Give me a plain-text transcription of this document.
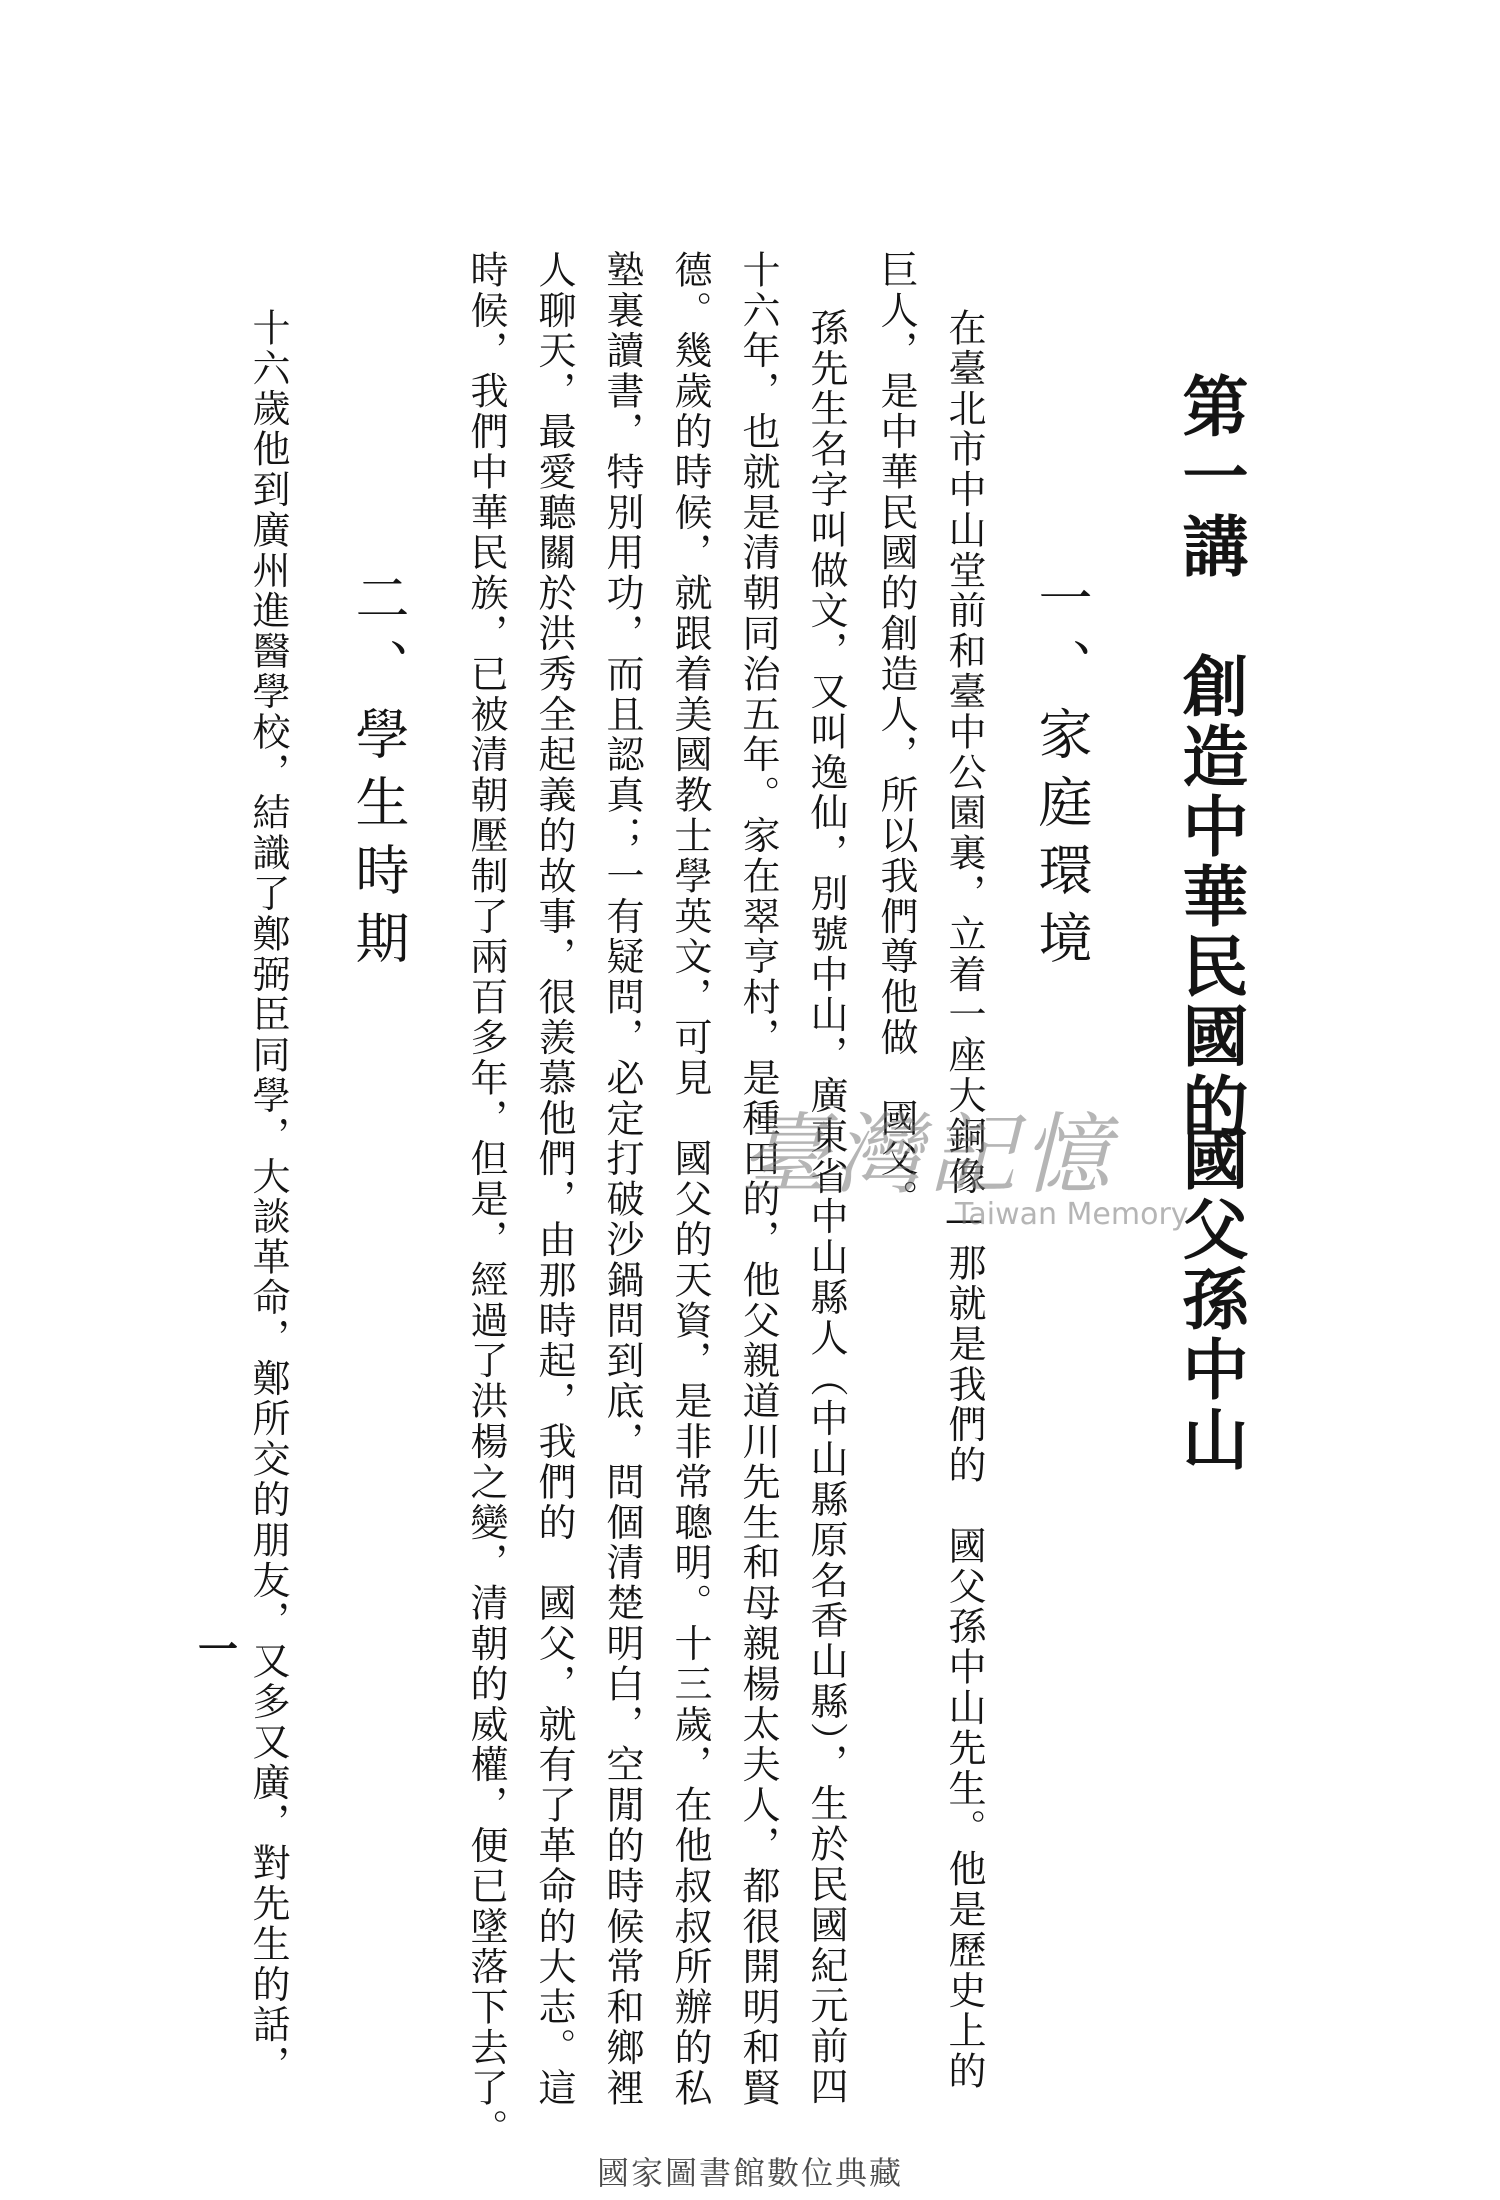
第一講　創造中華民國的
國父孫中山
一、家庭環境

在臺北市中山堂前和臺中公園裏，立着一座大銅像—那就是我們的　國父孫中山先生。他是歷史上的

巨人，是中華民國的創造人，所以我們尊他做　國父。

孫先生名字叫做文，又叫逸仙，別號中山，廣東省中山縣人（中山縣原名香山縣），生於民國紀元前四

十六年，也就是清朝同治五年。家在翠亨村，是種田的，他父親道川先生和母親楊太夫人，都很開明和賢

德。幾歲的時候，就跟着美國教士學英文，可見　國父的天資，是非常聰明。十三歲，在他叔叔所辦的私

塾裏讀書，特別用功，而且認真；一有疑問，必定打破沙鍋問到底，問個清楚明白，空閒的時候常和鄉裡

人聊天，最愛聽關於洪秀全起義的故事，很羨慕他們，由那時起，我們的　國父，就有了革命的大志。這

時候，我們中華民族，已被清朝壓制了兩百多年，但是，經過了洪楊之變，清朝的威權，便已墜落下去了。

二、學生時期

十六歲他到廣州進醫學校，結識了鄭弼臣同學，大談革命，鄭所交的朋友，又多又廣，對先生的話，

一
臺灣記憶
Taiwan Memory
國家圖書館數位典藏
